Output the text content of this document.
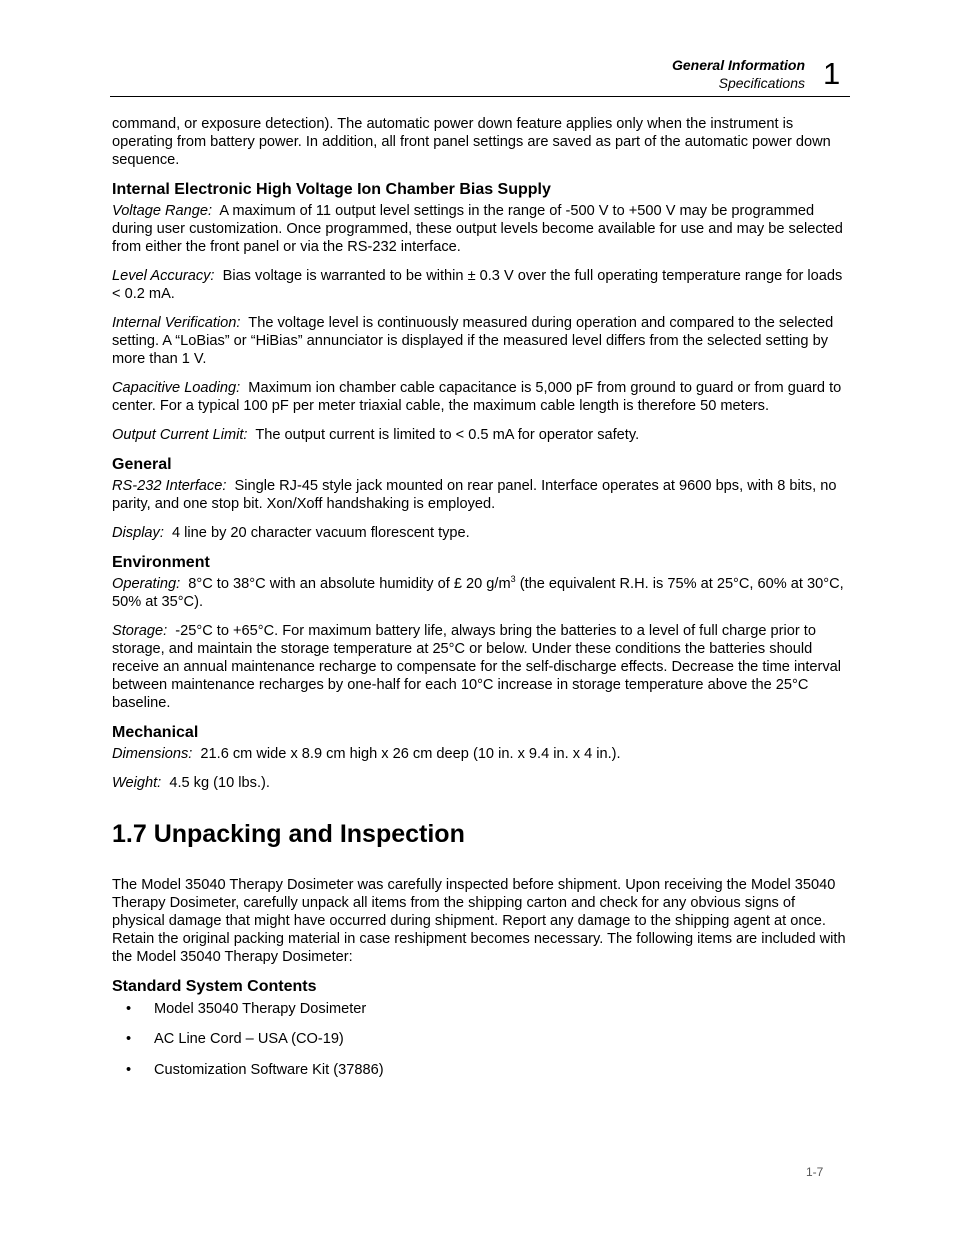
General Information
Specifications 1

command, or exposure detection). The automatic power down feature applies only when the instrument is operating from battery power. In addition, all front panel settings are saved as part of the automatic power down sequence.

Internal Electronic High Voltage Ion Chamber Bias Supply

Voltage Range: A maximum of 11 output level settings in the range of -500 V to +500 V may be programmed during user customization. Once programmed, these output levels become available for use and may be selected from either the front panel or via the RS-232 interface.

Level Accuracy: Bias voltage is warranted to be within ± 0.3 V over the full operating temperature range for loads < 0.2 mA.

Internal Verification: The voltage level is continuously measured during operation and compared to the selected setting. A “LoBias” or “HiBias” annunciator is displayed if the measured level differs from the selected setting by more than 1 V.

Capacitive Loading: Maximum ion chamber cable capacitance is 5,000 pF from ground to guard or from guard to center. For a typical 100 pF per meter triaxial cable, the maximum cable length is therefore 50 meters.

Output Current Limit: The output current is limited to < 0.5 mA for operator safety.

General

RS-232 Interface: Single RJ-45 style jack mounted on rear panel. Interface operates at 9600 bps, with 8 bits, no parity, and one stop bit. Xon/Xoff handshaking is employed.

Display: 4 line by 20 character vacuum florescent type.

Environment

Operating: 8°C to 38°C with an absolute humidity of £ 20 $g/m^3$ (the equivalent R.H. is 75% at 25°C, 60% at 30°C, 50% at 35°C).

Storage: -25°C to +65°C. For maximum battery life, always bring the batteries to a level of full charge prior to storage, and maintain the storage temperature at 25°C or below. Under these conditions the batteries should receive an annual maintenance recharge to compensate for the self-discharge effects. Decrease the time interval between maintenance recharges by one-half for each 10°C increase in storage temperature above the 25°C baseline.

Mechanical

Dimensions: 21.6 cm wide x 8.9 cm high x 26 cm deep (10 in. x 9.4 in. x 4 in.).

Weight: 4.5 kg (10 lbs.).

1.7 Unpacking and Inspection

The Model 35040 Therapy Dosimeter was carefully inspected before shipment. Upon receiving the Model 35040 Therapy Dosimeter, carefully unpack all items from the shipping carton and check for any obvious signs of physical damage that might have occurred during shipment. Report any damage to the shipping agent at once. Retain the original packing material in case reshipment becomes necessary. The following items are included with the Model 35040 Therapy Dosimeter:

Standard System Contents

• Model 35040 Therapy Dosimeter
• AC Line Cord – USA (CO-19)
• Customization Software Kit (37886)
1-7
